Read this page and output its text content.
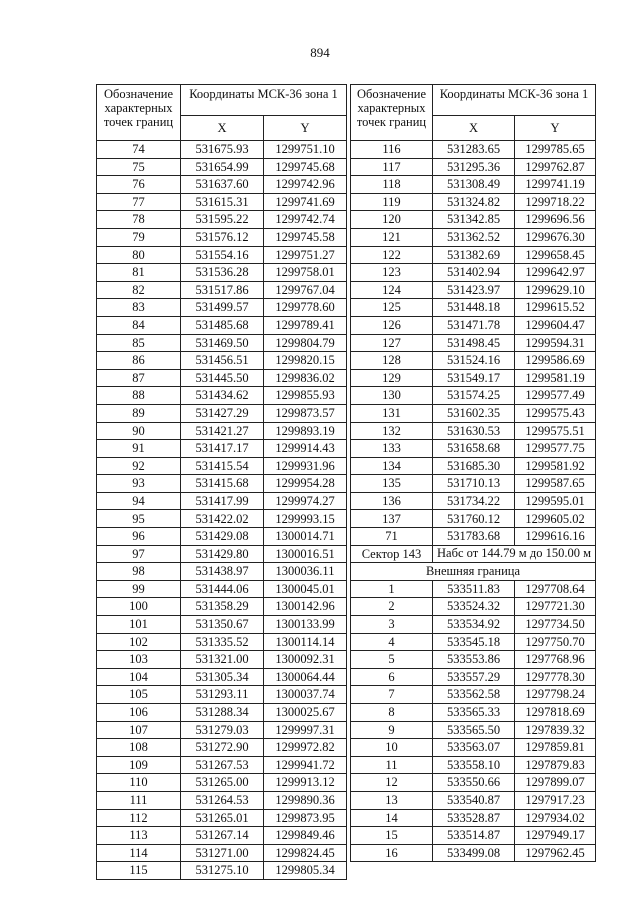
894
Обозначение характерных точек границ	Координаты МСК-36 зона 1	
	X	Y
74	531675.93	1299751.10
75	531654.99	1299745.68
76	531637.60	1299742.96
77	531615.31	1299741.69
78	531595.22	1299742.74
79	531576.12	1299745.58
80	531554.16	1299751.27
81	531536.28	1299758.01
82	531517.86	1299767.04
83	531499.57	1299778.60
84	531485.68	1299789.41
85	531469.50	1299804.79
86	531456.51	1299820.15
87	531445.50	1299836.02
88	531434.62	1299855.93
89	531427.29	1299873.57
90	531421.27	1299893.19
91	531417.17	1299914.43
92	531415.54	1299931.96
93	531415.68	1299954.28
94	531417.99	1299974.27
95	531422.02	1299993.15
96	531429.08	1300014.71
97	531429.80	1300016.51
98	531438.97	1300036.11
99	531444.06	1300045.01
100	531358.29	1300142.96
101	531350.67	1300133.99
102	531335.52	1300114.14
103	531321.00	1300092.31
104	531305.34	1300064.44
105	531293.11	1300037.74
106	531288.34	1300025.67
107	531279.03	1299997.31
108	531272.90	1299972.82
109	531267.53	1299941.72
110	531265.00	1299913.12
111	531264.53	1299890.36
112	531265.01	1299873.95
113	531267.14	1299849.46
114	531271.00	1299824.45
115	531275.10	1299805.34
Обозначение характерных точек границ	Координаты МСК-36 зона 1	
	X	Y
116	531283.65	1299785.65
117	531295.36	1299762.87
118	531308.49	1299741.19
119	531324.82	1299718.22
120	531342.85	1299696.56
121	531362.52	1299676.30
122	531382.69	1299658.45
123	531402.94	1299642.97
124	531423.97	1299629.10
125	531448.18	1299615.52
126	531471.78	1299604.47
127	531498.45	1299594.31
128	531524.16	1299586.69
129	531549.17	1299581.19
130	531574.25	1299577.49
131	531602.35	1299575.43
132	531630.53	1299575.51
133	531658.68	1299577.75
134	531685.30	1299581.92
135	531710.13	1299587.65
136	531734.22	1299595.01
137	531760.12	1299605.02
71	531783.68	1299616.16
Сектор 143	Набс от 144.79 м до 150.00 м	

Внешняя граница		
1	533511.83	1297708.64
2	533524.32	1297721.30
3	533534.92	1297734.50
4	533545.18	1297750.70
5	533553.86	1297768.96
6	533557.29	1297778.30
7	533562.58	1297798.24
8	533565.33	1297818.69
9	533565.50	1297839.32
10	533563.07	1297859.81
11	533558.10	1297879.83
12	533550.66	1297899.07
13	533540.87	1297917.23
14	533528.87	1297934.02
15	533514.87	1297949.17
16	533499.08	1297962.45
